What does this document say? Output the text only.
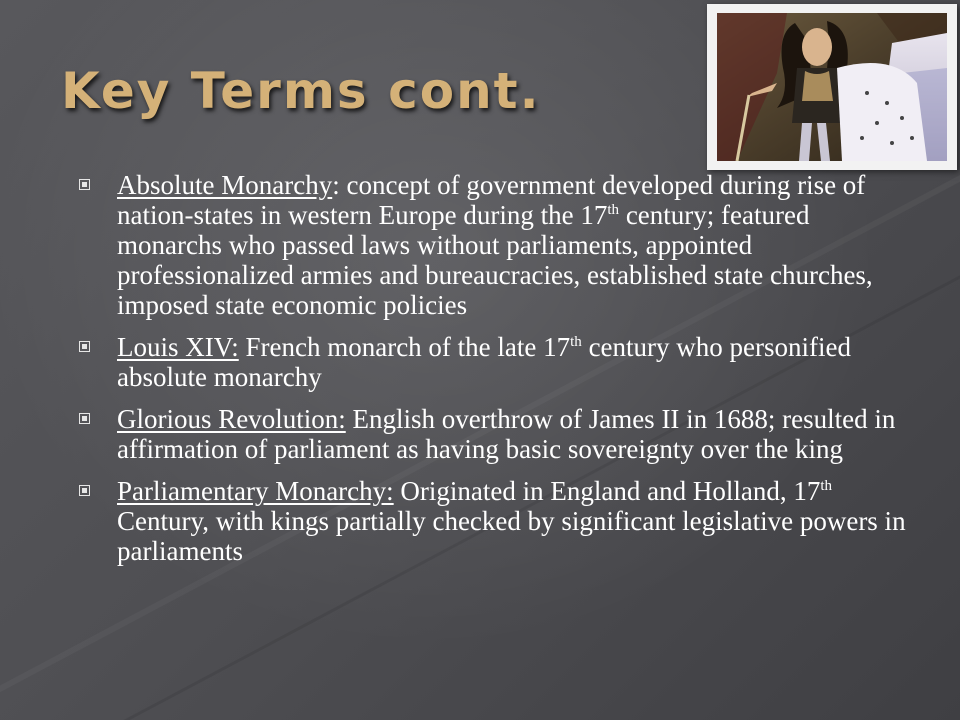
Key Terms cont.
Absolute Monarchy: concept of government developed during rise of nation-states in western Europe during the 17th century; featured monarchs who passed laws without parliaments, appointed professionalized armies and bureaucracies, established state churches, imposed state economic policies
Louis XIV: French monarch of the late 17th century who personified absolute monarchy
Glorious Revolution: English overthrow of James II in 1688; resulted in affirmation of parliament as having basic sovereignty over the king
Parliamentary Monarchy: Originated in England and Holland, 17th Century, with kings partially checked by significant legislative powers in parliaments
